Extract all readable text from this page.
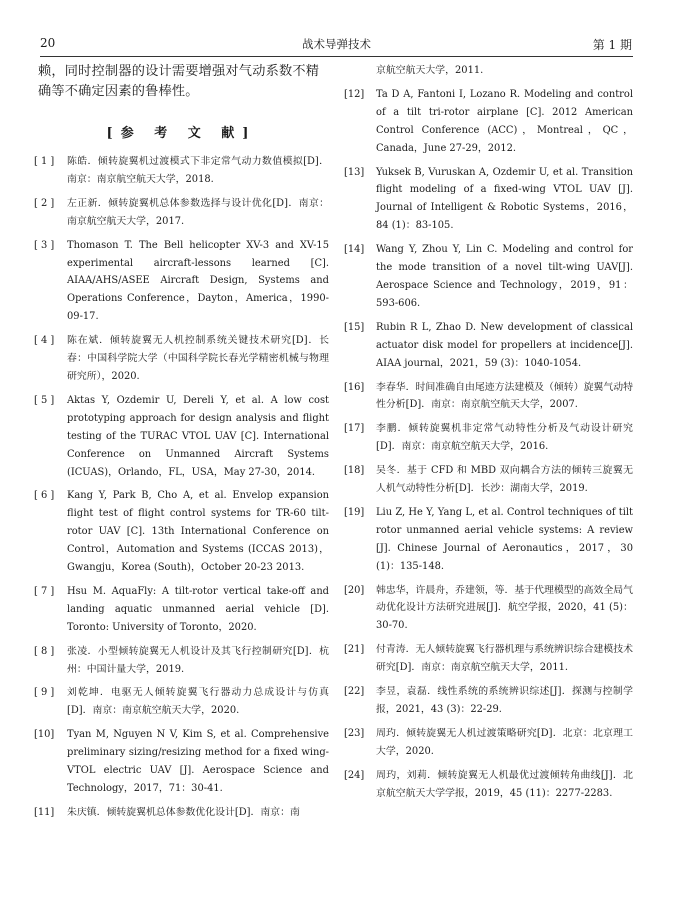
20	战术导弹技术	第 1 期

赖，同时控制器的设计需要增强对气动系数不精确等不确定因素的鲁棒性。

[参 考 文 献]
[ 1 ]	陈皓．倾转旋翼机过渡模式下非定常气动力数值模拟[D]．南京：南京航空航天大学，2018.
[ 2 ]	左正新．倾转旋翼机总体参数选择与设计优化[D]．南京：南京航空航天大学，2017.
[ 3 ]	Thomason T. The Bell helicopter XV-3 and XV-15 experimental aircraft-lessons learned [C]. AIAA/AHS/ASEE Aircraft Design, Systems and Operations Conference，Dayton，America，1990-09-17.
[ 4 ]	陈在斌．倾转旋翼无人机控制系统关键技术研究[D]．长春：中国科学院大学（中国科学院长春光学精密机械与物理研究所），2020.
[ 5 ]	Aktas Y, Ozdemir U, Dereli Y, et al. A low cost prototyping approach for design analysis and flight testing of the TURAC VTOL UAV [C]. International Conference on Unmanned Aircraft Systems (ICUAS)，Orlando，FL，USA，May 27-30，2014.
[ 6 ]	Kang Y, Park B, Cho A, et al. Envelop expansion flight test of flight control systems for TR-60 tilt-rotor UAV [C]. 13th International Conference on Control，Automation and Systems (ICCAS 2013)，Gwangju，Korea (South)，October 20-23 2013.
[ 7 ]	Hsu M. AquaFly: A tilt-rotor vertical take-off and landing aquatic unmanned aerial vehicle [D]. Toronto: University of Toronto，2020.
[ 8 ]	张凌．小型倾转旋翼无人机设计及其飞行控制研究[D]．杭州：中国计量大学，2019.
[ 9 ]	刘乾坤．电驱无人倾转旋翼飞行器动力总成设计与仿真[D]．南京：南京航空航天大学，2020.
[10]	Tyan M, Nguyen N V, Kim S, et al. Comprehensive preliminary sizing/resizing method for a fixed wing-VTOL electric UAV [J]. Aerospace Science and Technology，2017，71：30-41.
[11]	朱庆镇．倾转旋翼机总体参数优化设计[D]．南京：南
京航空航天大学，2011.
[12]	Ta D A, Fantoni I, Lozano R. Modeling and control of a tilt tri-rotor airplane [C]. 2012 American Control Conference (ACC)，Montreal，QC，Canada，June 27-29，2012.
[13]	Yuksek B, Vuruskan A, Ozdemir U, et al. Transition flight modeling of a fixed-wing VTOL UAV [J]. Journal of Intelligent & Robotic Systems，2016，84 (1)：83-105.
[14]	Wang Y, Zhou Y, Lin C. Modeling and control for the mode transition of a novel tilt-wing UAV[J]. Aerospace Science and Technology，2019，91：593-606.
[15]	Rubin R L, Zhao D. New development of classical actuator disk model for propellers at incidence[J]. AIAA journal，2021，59 (3)：1040-1054.
[16]	李春华．时间准确自由尾迹方法建模及（倾转）旋翼气动特性分析[D]．南京：南京航空航天大学，2007.
[17]	李鹏．倾转旋翼机非定常气动特性分析及气动设计研究[D]．南京：南京航空航天大学，2016.
[18]	吴冬．基于 CFD 和 MBD 双向耦合方法的倾转三旋翼无人机气动特性分析[D]．长沙：湖南大学，2019.
[19]	Liu Z, He Y, Yang L, et al. Control techniques of tilt rotor unmanned aerial vehicle systems: A review [J]. Chinese Journal of Aeronautics，2017，30 (1)：135-148.
[20]	韩忠华，许晨舟，乔建领，等．基于代理模型的高效全局气动优化设计方法研究进展[J]．航空学报，2020，41 (5)：30-70.
[21]	付青涛．无人倾转旋翼飞行器机理与系统辨识综合建模技术研究[D]．南京：南京航空航天大学，2011.
[22]	李昱，袁磊．线性系统的系统辨识综述[J]．探测与控制学报，2021，43 (3)：22-29.
[23]	周玓．倾转旋翼无人机过渡策略研究[D]．北京：北京理工大学，2020.
[24]	周玓，刘莉．倾转旋翼无人机最优过渡倾转角曲线[J]．北京航空航天大学学报，2019，45 (11)：2277-2283.
